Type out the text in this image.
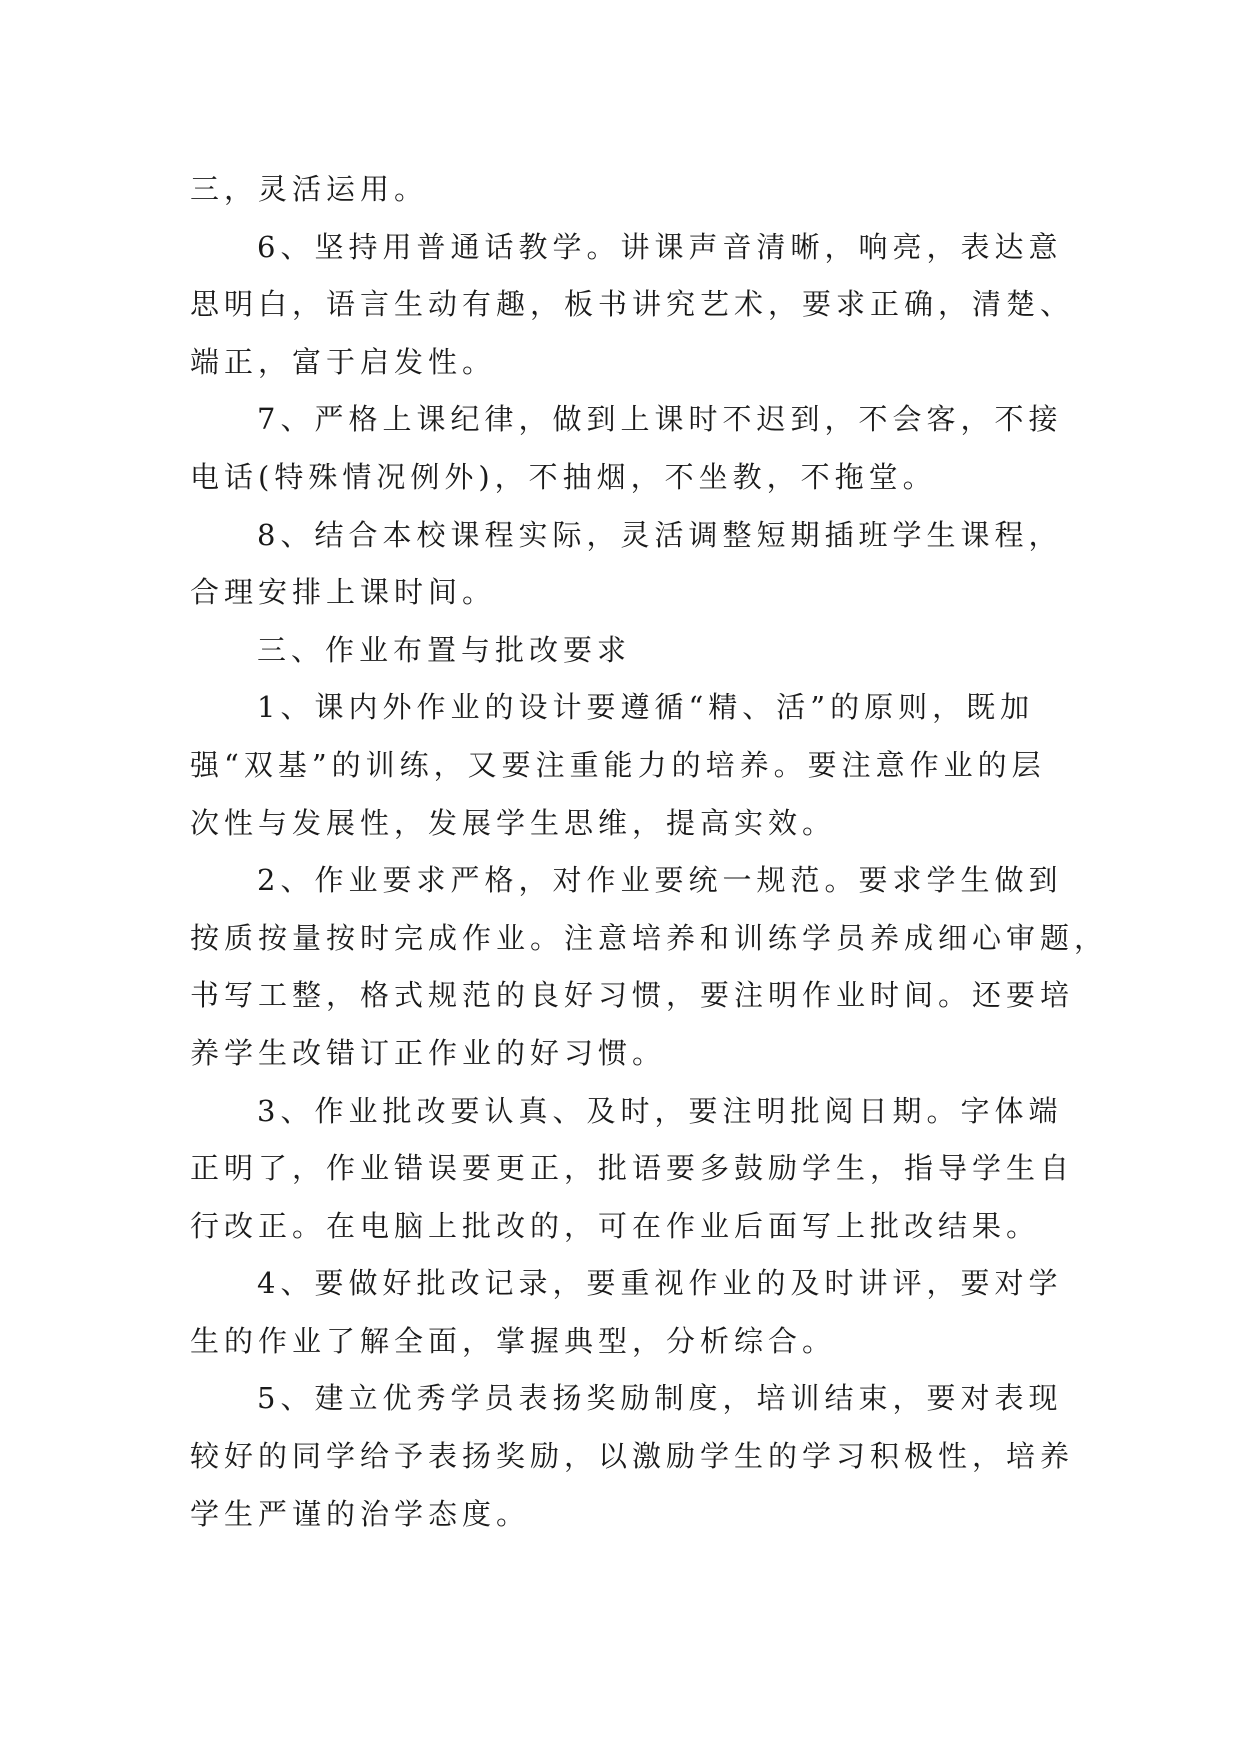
三，灵活运用。
6、坚持用普通话教学。讲课声音清晰，响亮，表达意
思明白，语言生动有趣，板书讲究艺术，要求正确，清楚、
端正，富于启发性。
7、严格上课纪律，做到上课时不迟到，不会客，不接
电话(特殊情况例外)，不抽烟，不坐教，不拖堂。
8、结合本校课程实际，灵活调整短期插班学生课程，
合理安排上课时间。
三、作业布置与批改要求
1、课内外作业的设计要遵循“精、活”的原则，既加
强“双基”的训练，又要注重能力的培养。要注意作业的层
次性与发展性，发展学生思维，提高实效。
2、作业要求严格，对作业要统一规范。要求学生做到
按质按量按时完成作业。注意培养和训练学员养成细心审题，
书写工整，格式规范的良好习惯，要注明作业时间。还要培
养学生改错订正作业的好习惯。
3、作业批改要认真、及时，要注明批阅日期。字体端
正明了，作业错误要更正，批语要多鼓励学生，指导学生自
行改正。在电脑上批改的，可在作业后面写上批改结果。
4、要做好批改记录，要重视作业的及时讲评，要对学
生的作业了解全面，掌握典型，分析综合。
5、建立优秀学员表扬奖励制度，培训结束，要对表现
较好的同学给予表扬奖励，以激励学生的学习积极性，培养
学生严谨的治学态度。
